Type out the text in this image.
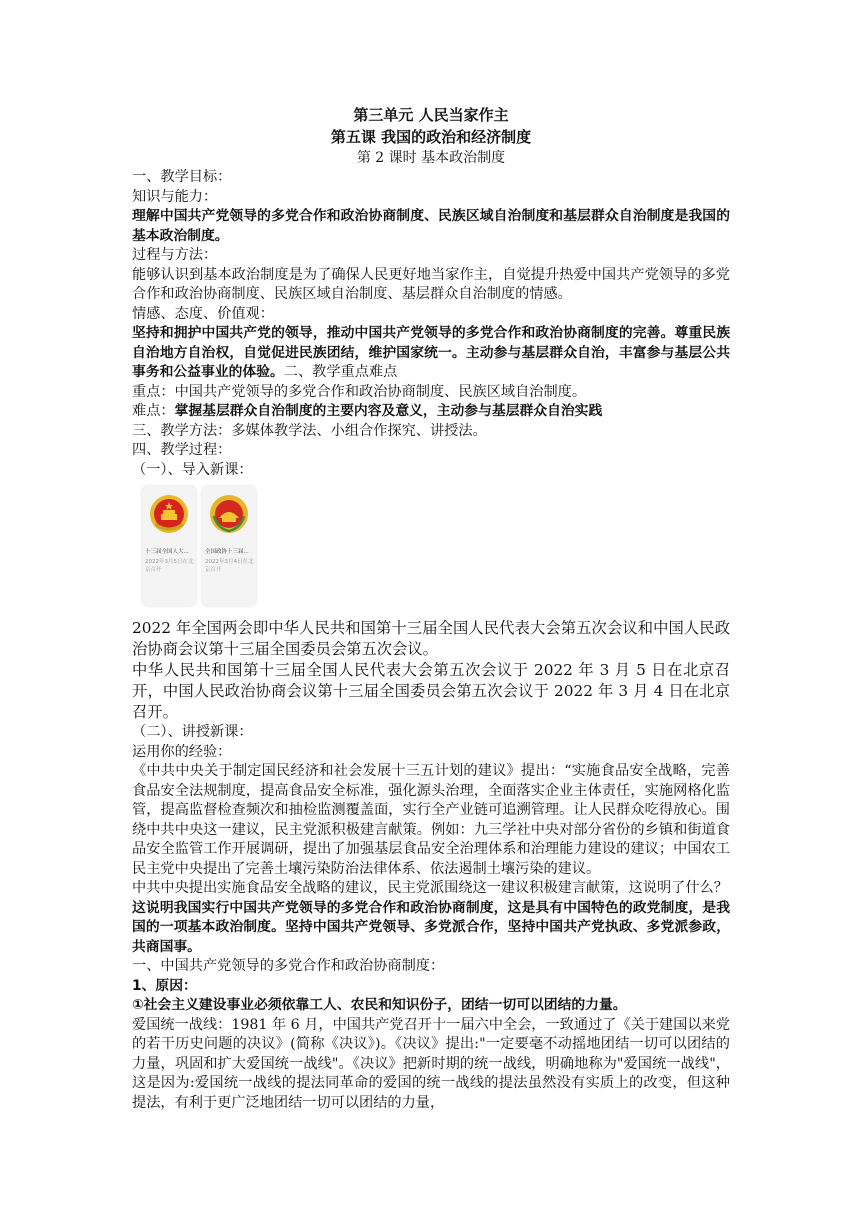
第三单元 人民当家作主
第五课 我国的政治和经济制度
第 2 课时 基本政治制度

一、教学目标：

知识与能力：

理解中国共产党领导的多党合作和政治协商制度、民族区域自治制度和基层群众自治制度是我国的基本政治制度。

过程与方法：

能够认识到基本政治制度是为了确保人民更好地当家作主，自觉提升热爱中国共产党领导的多党合作和政治协商制度、民族区域自治制度、基层群众自治制度的情感。

情感、态度、价值观：

坚持和拥护中国共产党的领导，推动中国共产党领导的多党合作和政治协商制度的完善。尊重民族自治地方自治权，自觉促进民族团结，维护国家统一。主动参与基层群众自治，丰富参与基层公共事务和公益事业的体验。二、教学重点难点

重点：中国共产党领导的多党合作和政治协商制度、民族区域自治制度。

难点：掌握基层群众自治制度的主要内容及意义，主动参与基层群众自治实践

三、教学方法：多媒体教学法、小组合作探究、讲授法。

四、教学过程：

（一）、导入新课：

十三届全国人大...
2022年3月5日在北京召开
全国政协十三届...
2022年3月4日在北京召开

2022 年全国两会即中华人民共和国第十三届全国人民代表大会第五次会议和中国人民政治协商会议第十三届全国委员会第五次会议。

中华人民共和国第十三届全国人民代表大会第五次会议于 2022 年 3 月 5 日在北京召开，中国人民政治协商会议第十三届全国委员会第五次会议于 2022 年 3 月 4 日在北京召开。

（二）、讲授新课：

运用你的经验：

《中共中央关于制定国民经济和社会发展十三五计划的建议》提出：“实施食品安全战略，完善食品安全法规制度，提高食品安全标准，强化源头治理，全面落实企业主体责任，实施网格化监管，提高监督检查频次和抽检监测覆盖面，实行全产业链可追溯管理。让人民群众吃得放心。围绕中共中央这一建议，民主党派积极建言献策。例如：九三学社中央对部分省份的乡镇和街道食品安全监管工作开展调研，提出了加强基层食品安全治理体系和治理能力建设的建议；中国农工民主党中央提出了完善土壤污染防治法律体系、依法遏制土壤污染的建议。

中共中央提出实施食品安全战略的建议，民主党派围绕这一建议积极建言献策，这说明了什么？

这说明我国实行中国共产党领导的多党合作和政治协商制度，这是具有中国特色的政党制度，是我国的一项基本政治制度。坚持中国共产党领导、多党派合作，坚持中国共产党执政、多党派参政，共商国事。

一、中国共产党领导的多党合作和政治协商制度：

1、原因：

①社会主义建设事业必须依靠工人、农民和知识份子，团结一切可以团结的力量。

爱国统一战线：1981 年 6 月，中国共产党召开十一届六中全会，一致通过了《关于建国以来党的若干历史问题的决议》(简称《决议》)。《决议》提出:"一定要毫不动摇地团结一切可以团结的力量，巩固和扩大爱国统一战线"。《决议》把新时期的统一战线，明确地称为"爱国统一战线"，这是因为:爱国统一战线的提法同革命的爱国的统一战线的提法虽然没有实质上的改变，但这种提法，有利于更广泛地团结一切可以团结的力量，
